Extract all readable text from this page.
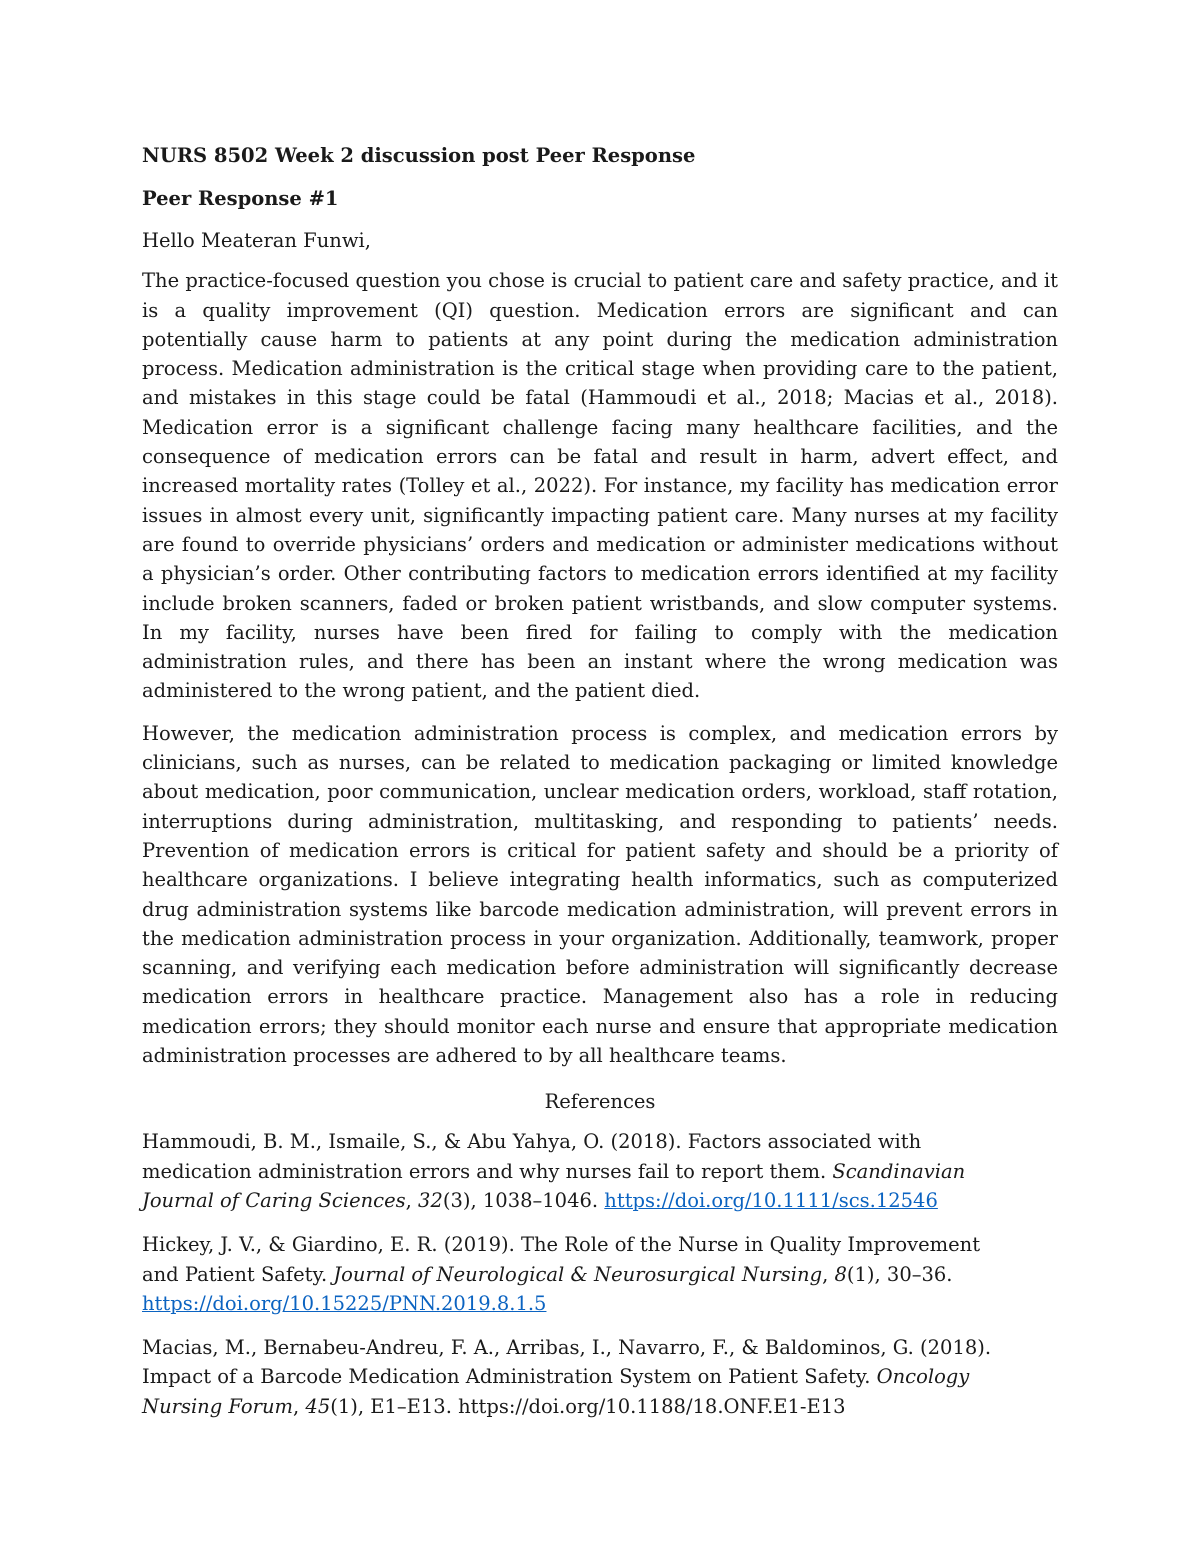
NURS 8502 Week 2 discussion post Peer Response
Peer Response #1
Hello Meateran Funwi,
The practice-focused question you chose is crucial to patient care and safety practice, and it is a quality improvement (QI) question. Medication errors are significant and can potentially cause harm to patients at any point during the medication administration process. Medication administration is the critical stage when providing care to the patient, and mistakes in this stage could be fatal (Hammoudi et al., 2018; Macias et al., 2018). Medication error is a significant challenge facing many healthcare facilities, and the consequence of medication errors can be fatal and result in harm, advert effect, and increased mortality rates (Tolley et al., 2022). For instance, my facility has medication error issues in almost every unit, significantly impacting patient care. Many nurses at my facility are found to override physicians’ orders and medication or administer medications without a physician’s order. Other contributing factors to medication errors identified at my facility include broken scanners, faded or broken patient wristbands, and slow computer systems. In my facility, nurses have been fired for failing to comply with the medication administration rules, and there has been an instant where the wrong medication was administered to the wrong patient, and the patient died.
However, the medication administration process is complex, and medication errors by clinicians, such as nurses, can be related to medication packaging or limited knowledge about medication, poor communication, unclear medication orders, workload, staff rotation, interruptions during administration, multitasking, and responding to patients’ needs. Prevention of medication errors is critical for patient safety and should be a priority of healthcare organizations. I believe integrating health informatics, such as computerized drug administration systems like barcode medication administration, will prevent errors in the medication administration process in your organization. Additionally, teamwork, proper scanning, and verifying each medication before administration will significantly decrease medication errors in healthcare practice. Management also has a role in reducing medication errors; they should monitor each nurse and ensure that appropriate medication administration processes are adhered to by all healthcare teams.
References
Hammoudi, B. M., Ismaile, S., & Abu Yahya, O. (2018). Factors associated with medication administration errors and why nurses fail to report them. Scandinavian Journal of Caring Sciences, 32(3), 1038–1046. https://doi.org/10.1111/scs.12546
Hickey, J. V., & Giardino, E. R. (2019). The Role of the Nurse in Quality Improvement and Patient Safety. Journal of Neurological & Neurosurgical Nursing, 8(1), 30–36.
https://doi.org/10.15225/PNN.2019.8.1.5
Macias, M., Bernabeu-Andreu, F. A., Arribas, I., Navarro, F., & Baldominos, G. (2018). Impact of a Barcode Medication Administration System on Patient Safety. Oncology Nursing Forum, 45(1), E1–E13. https://doi.org/10.1188/18.ONF.E1-E13
